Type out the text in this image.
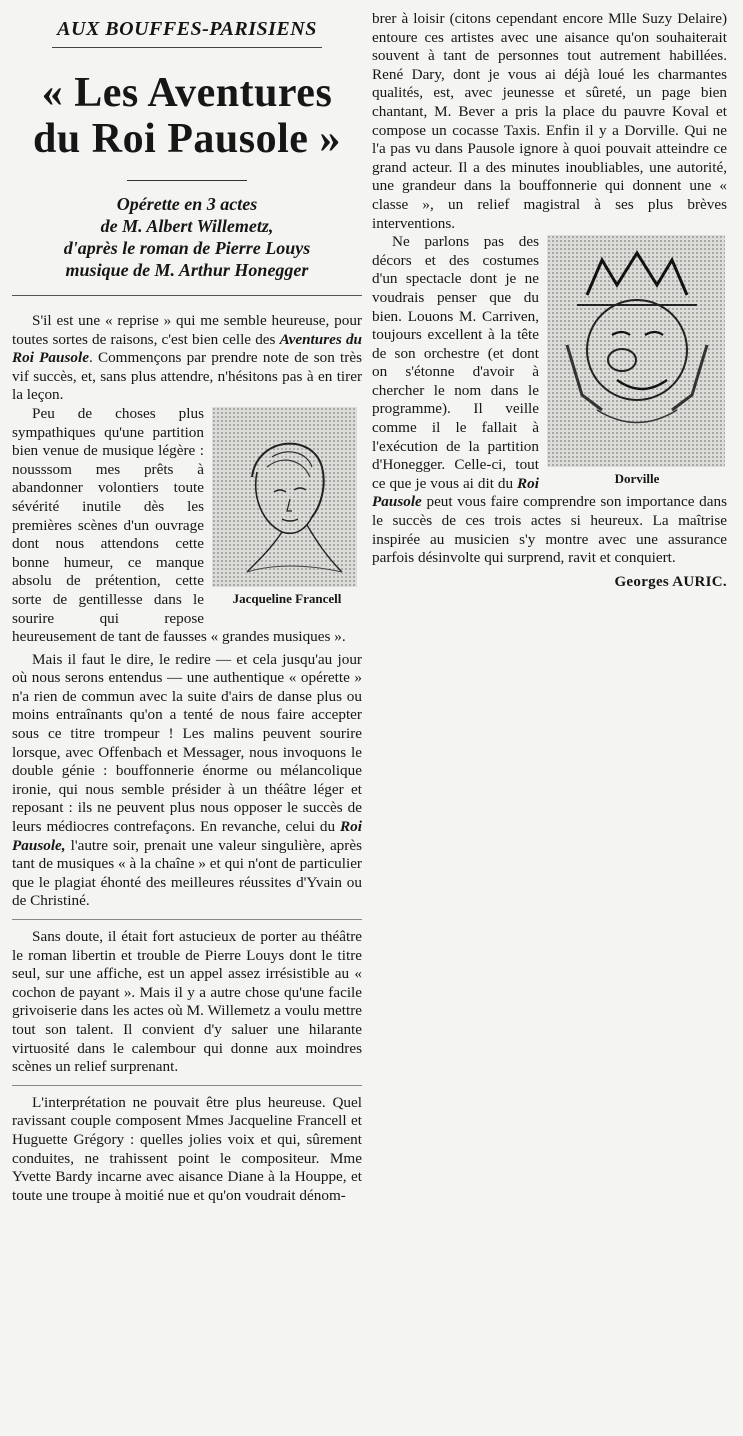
AUX BOUFFES-PARISIENS
« Les Aventures
du Roi Pausole »
Opérette en 3 actes
de M. Albert Willemetz,
d'après le roman de Pierre Louys
musique de M. Arthur Honegger

S'il est une « reprise » qui me semble heureuse, pour toutes sortes de raisons, c'est bien celle des Aventures du Roi Pausole. Commençons par prendre note de son très vif succès, et, sans plus attendre, n'hésitons pas à en tirer la leçon.

Jacqueline Francell

Peu de choses plus sympathiques qu'une partition bien venue de musique légère : nousssom mes prêts à abandonner volontiers toute sévérité inutile dès les premières scènes d'un ouvrage dont nous attendons cette bonne humeur, ce manque absolu de prétention, cette sorte de gentillesse dans le sourire qui repose heureusement de tant de fausses « grandes musiques ».

Mais il faut le dire, le redire — et cela jusqu'au jour où nous serons entendus — une authentique « opérette » n'a rien de commun avec la suite d'airs de danse plus ou moins entraînants qu'on a tenté de nous faire accepter sous ce titre trompeur ! Les malins peuvent sourire lorsque, avec Offenbach et Messager, nous invoquons le double génie : bouffonnerie énorme ou mélancolique ironie, qui nous semble présider à un théâtre léger et reposant : ils ne peuvent plus nous opposer le succès de leurs médiocres contrefaçons. En revanche, celui du Roi Pausole, l'autre soir, prenait une valeur singulière, après tant de musiques « à la chaîne » et qui n'ont de particulier que le plagiat éhonté des meilleures réussites d'Yvain ou de Christiné.

Sans doute, il était fort astucieux de porter au théâtre le roman libertin et trouble de Pierre Louys dont le titre seul, sur une affiche, est un appel assez irrésistible au « cochon de payant ». Mais il y a autre chose qu'une facile grivoiserie dans les actes où M. Willemetz a voulu mettre tout son talent. Il convient d'y saluer une hilarante virtuosité dans le calembour qui donne aux moindres scènes un relief surprenant.

L'interprétation ne pouvait être plus heureuse. Quel ravissant couple composent Mmes Jacqueline Francell et Huguette Grégory : quelles jolies voix et qui, sûrement conduites, ne trahissent point le compositeur. Mme Yvette Bardy incarne avec aisance Diane à la Houppe, et toute une troupe à moitié nue et qu'on voudrait dénom-

brer à loisir (citons cependant encore Mlle Suzy Delaire) entoure ces artistes avec une aisance qu'on souhaiterait souvent à tant de personnes tout autrement habillées. René Dary, dont je vous ai déjà loué les charmantes qualités, est, avec jeunesse et sûreté, un page bien chantant, M. Bever a pris la place du pauvre Koval et compose un cocasse Taxis. Enfin il y a Dorville. Qui ne l'a pas vu dans Pausole ignore à quoi pouvait atteindre ce grand acteur. Il a des minutes inoubliables, une autorité, une grandeur dans la bouffonnerie qui donnent une « classe », un relief magistral à ses plus brèves interventions.

Dorville

Ne parlons pas des décors et des costumes d'un spectacle dont je ne voudrais penser que du bien. Louons M. Carriven, toujours excellent à la tête de son orchestre (et dont on s'étonne d'avoir à chercher le nom dans le programme). Il veille comme il le fallait à l'exécution de la partition d'Honegger. Celle-ci, tout ce que je vous ai dit du Roi Pausole peut vous faire comprendre son importance dans le succès de ces trois actes si heureux. La maîtrise inspirée au musicien s'y montre avec une assurance parfois désinvolte qui surprend, ravit et conquiert.

Georges AURIC.
